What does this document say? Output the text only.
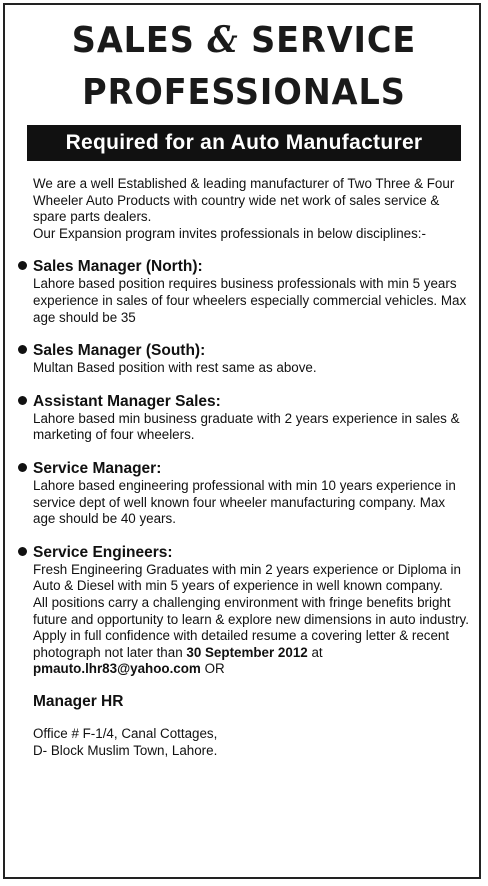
SALES & SERVICE
PROFESSIONALS
Required for an Auto Manufacturer

We are a well Established & leading manufacturer of Two Three & Four Wheeler Auto Products with country wide net work of sales service & spare parts dealers.

Our Expansion program invites professionals in below disciplines:-

Sales Manager (North):

Lahore based position requires business professionals with min 5 years experience in sales of four wheelers especially commercial vehicles. Max age should be 35

Sales Manager (South):

Multan Based position with rest same as above.

Assistant Manager Sales:

Lahore based min business graduate with 2 years experience in sales & marketing of four wheelers.

Service Manager:

Lahore based engineering professional with min 10 years experience in service dept of well known four wheeler manufacturing company. Max age should be 40 years.

Service Engineers:

Fresh Engineering Graduates with min 2 years experience or Diploma in Auto & Diesel with min 5 years of experience in well known company.

All positions carry a challenging environment with fringe benefits bright future and opportunity to learn & explore new dimensions in auto industry.

Apply in full confidence with detailed resume a covering letter & recent photograph not later than 30 September 2012 at
pmauto.lhr83@yahoo.com OR

Manager HR

Office # F-1/4, Canal Cottages,
D- Block Muslim Town, Lahore.
